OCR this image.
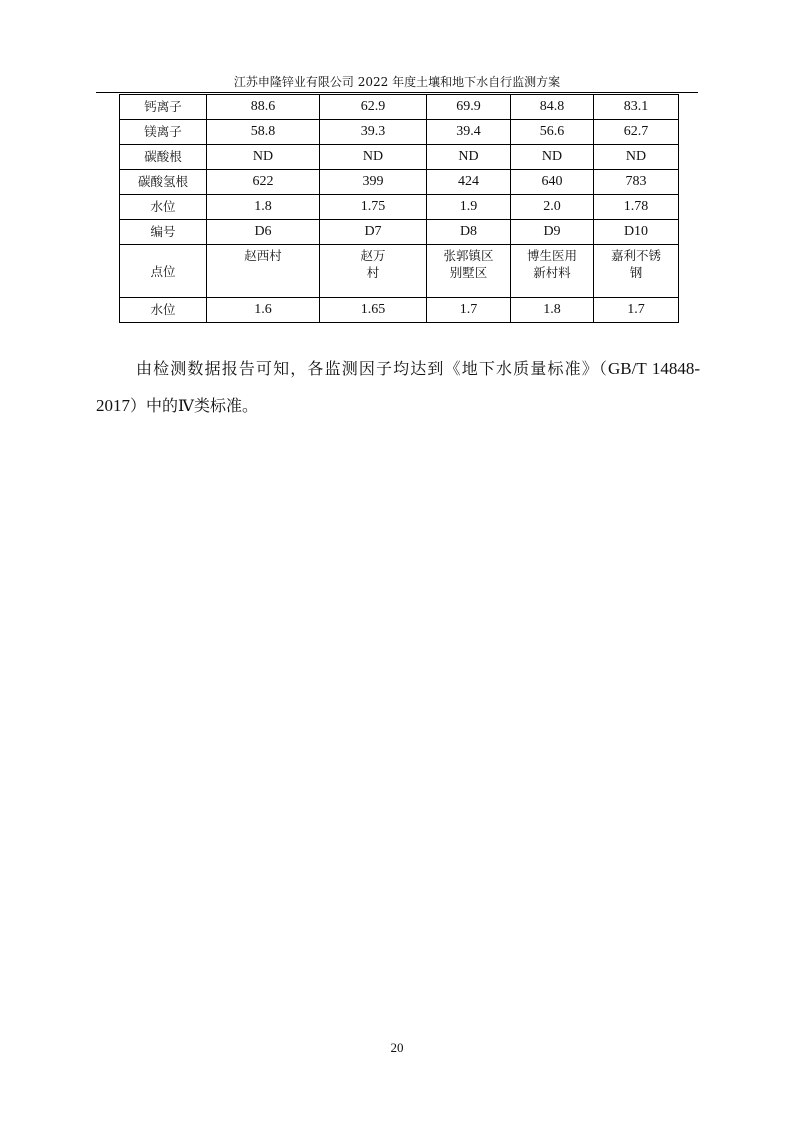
江苏申隆锌业有限公司 2022 年度土壤和地下水自行监测方案
钙离子	88.6	62.9	69.9	84.8	83.1
镁离子	58.8	39.3	39.4	56.6	62.7
碳酸根	ND	ND	ND	ND	ND
碳酸氢根	622	399	424	640	783
水位	1.8	1.75	1.9	2.0	1.78
编号	D6	D7	D8	D9	D10
点位	赵西村	赵万村	张郭镇区别墅区	博生医用新村料	嘉利不锈钢

水位	1.6	1.65	1.7	1.8	1.7

由检测数据报告可知，各监测因子均达到《地下水质量标准》（GB/T 14848-2017）中的Ⅳ类标准。

20
